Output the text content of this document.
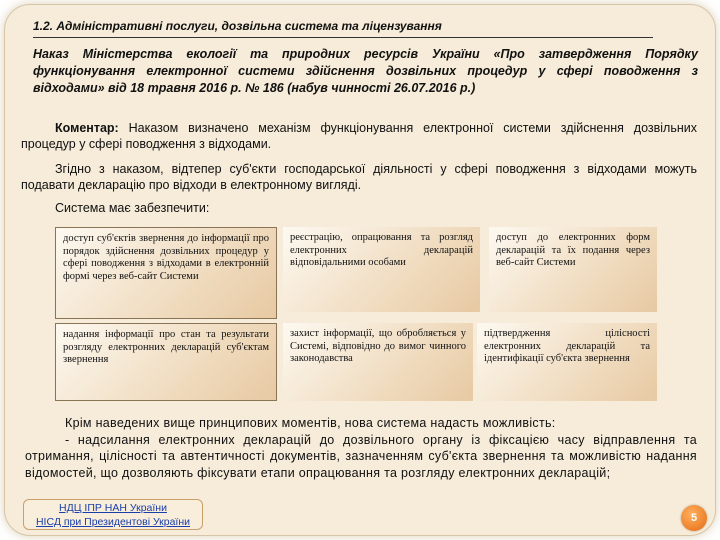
1.2. Адміністративні послуги, дозвільна система та ліцензування
Наказ Міністерства екології та природних ресурсів України «Про затвердження Порядку функціонування електронної системи здійснення дозвільних процедур у сфері поводження з відходами» від 18 травня 2016 р. № 186 (набув чинності 26.07.2016 р.)
Коментар: Наказом визначено механізм функціонування електронної системи здійснення дозвільних процедур у сфері поводження з відходами.
Згідно з наказом, відтепер суб'єкти господарської діяльності у сфері поводження з відходами можуть подавати декларацію про відходи в електронному вигляді.
Система має забезпечити:
доступ суб'єктів звернення до інформації про порядок здійснення дозвільних процедур у сфері поводження з відходами в електронній формі через веб-сайт Системи
реєстрацію, опрацювання та розгляд електронних декларацій відповідальними особами
доступ до електронних форм декларацій та їх подання через веб-сайт Системи
надання інформації про стан та результати розгляду електронних декларацій суб'єктам звернення
захист інформації, що обробляється у Системі, відповідно до вимог чинного законодавства
підтвердження цілісності електронних декларацій та ідентифікації суб'єкта звернення
Крім наведених вище принципових моментів, нова система надасть можливість:
- надсилання електронних декларацій до дозвільного органу із фіксацією часу відправлення та отримання, цілісності та автентичності документів, зазначенням суб'єкта звернення та можливістю надання відомостей, що дозволяють фіксувати етапи опрацювання та розгляду електронних декларацій;
НДЦ ІПР НАН України
НІСД при Президентові України	5
